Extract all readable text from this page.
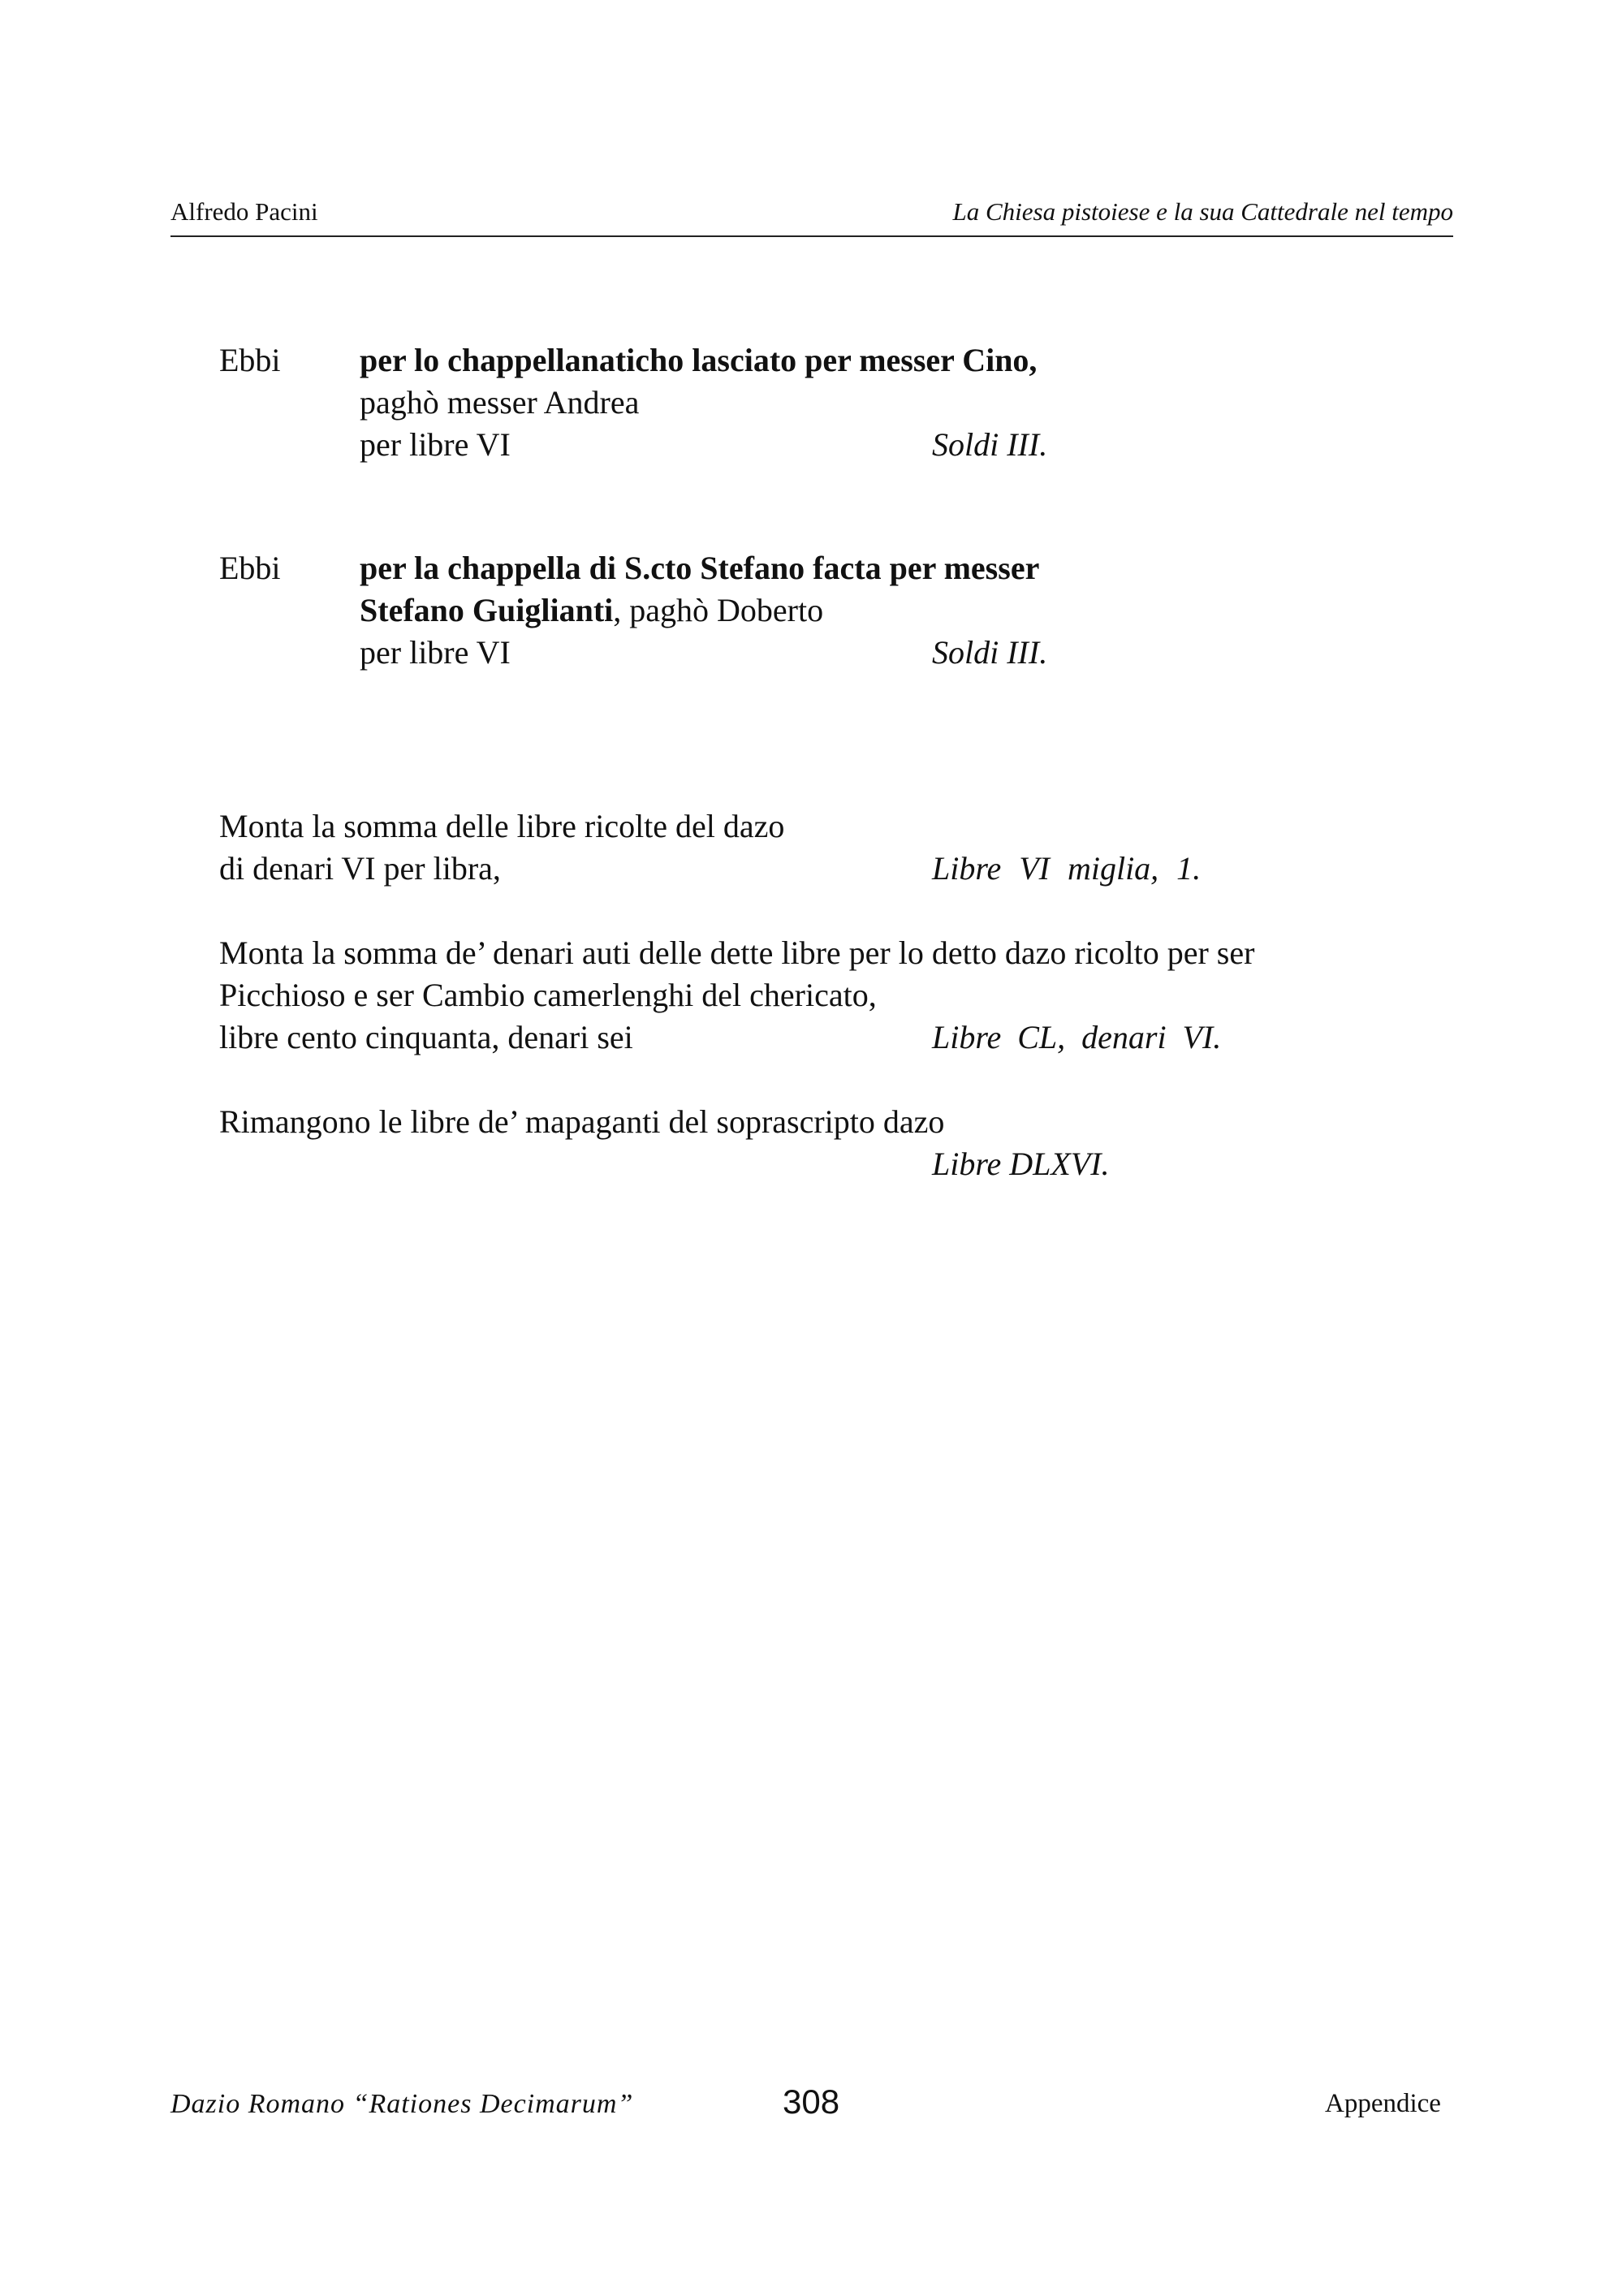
Alfredo Pacini	La Chiesa pistoiese e la sua Cattedrale nel tempo
Ebbi per lo chappellanaticho lasciato per messer Cino,
paghò messer Andrea
per libre VI	Soldi III.
Ebbi per la chappella di S.cto Stefano facta per messer
Stefano Guiglianti, paghò Doberto
per libre VI	Soldi III.
Monta la somma delle libre ricolte del dazo
di denari VI per libra,	Libre VI miglia, 1.
Monta la somma de’ denari auti delle dette libre per lo detto dazo ricolto per ser
Picchioso e ser Cambio camerlenghi del chericato,
libre cento cinquanta, denari sei	Libre CL, denari VI.
Rimangono le libre de’ mapaganti del soprascripto dazo
Libre DLXVI.
Dazio Romano “Rationes Decimarum”	308	Appendice
